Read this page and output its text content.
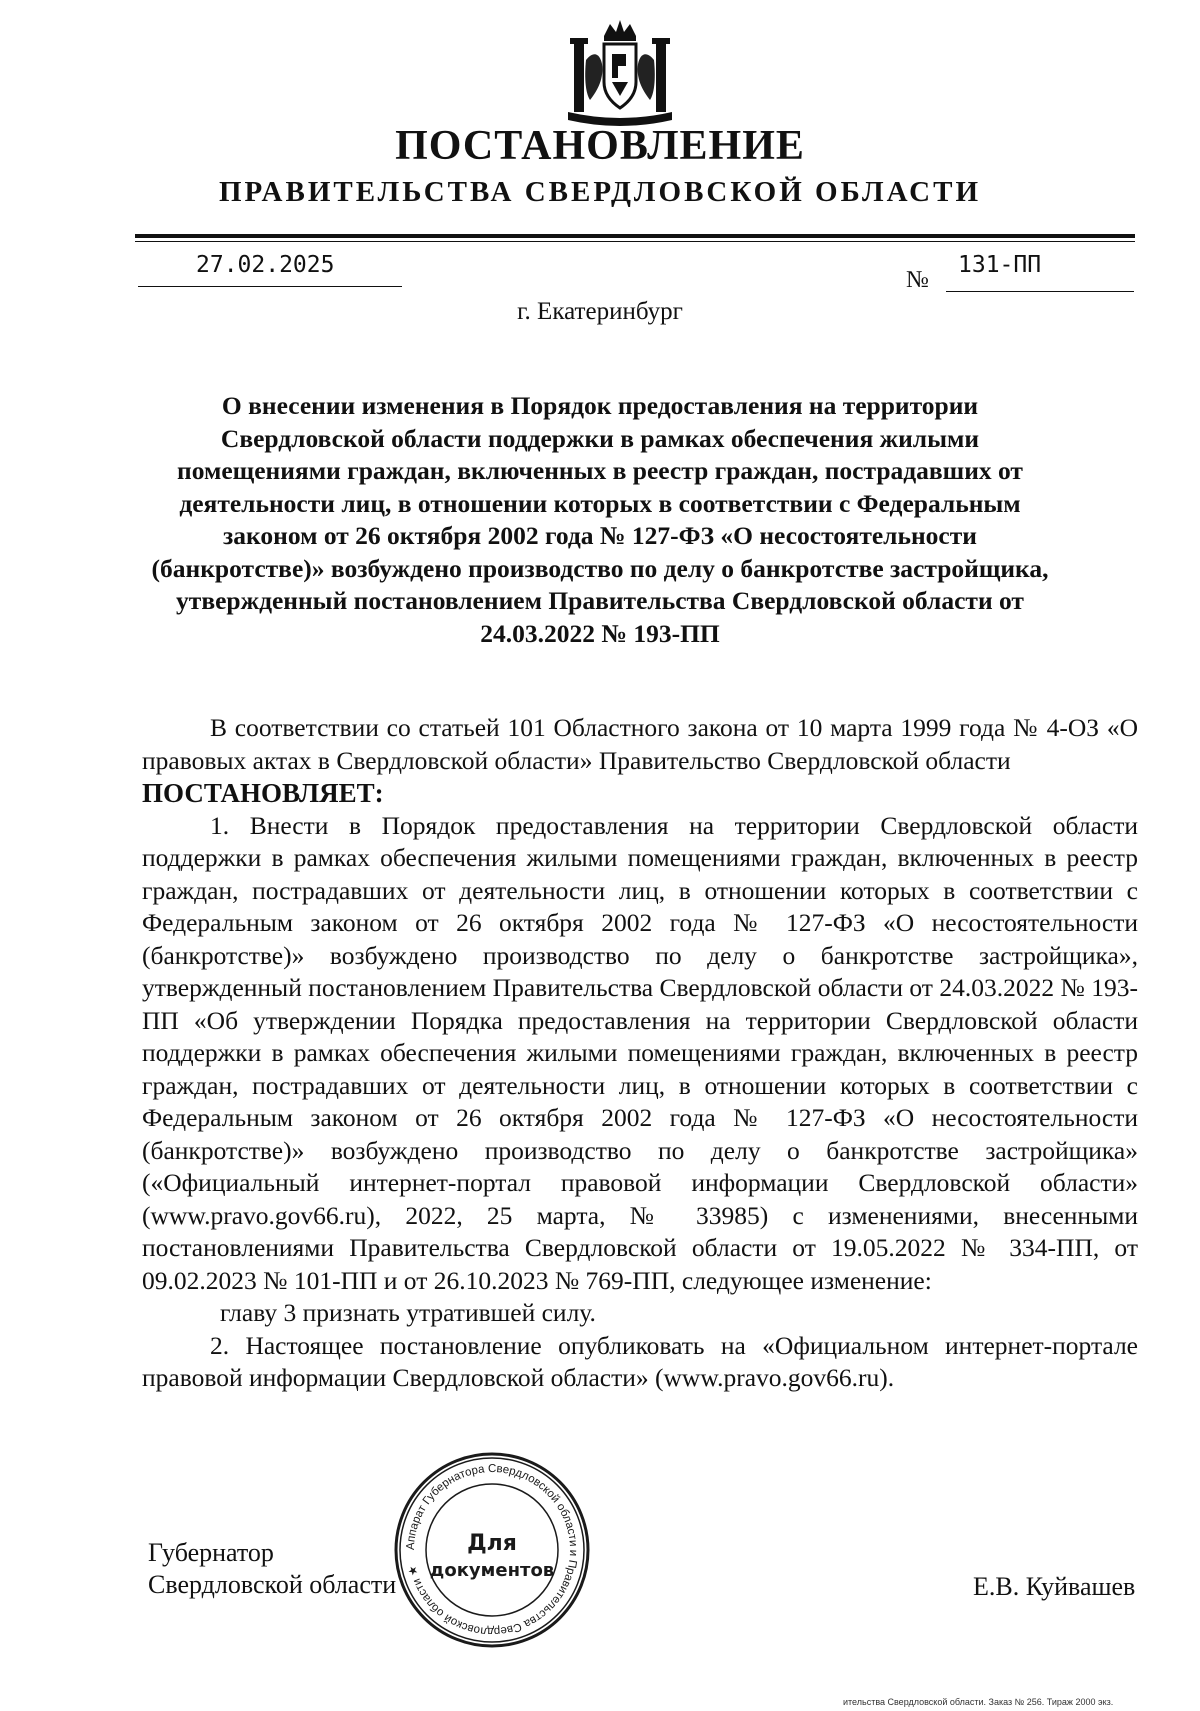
ПОСТАНОВЛЕНИЕ
ПРАВИТЕЛЬСТВА СВЕРДЛОВСКОЙ ОБЛАСТИ
27.02.2025
№
131-ПП
г. Екатеринбург
О внесении изменения в Порядок предоставления на территории Свердловской области поддержки в рамках обеспечения жилыми помещениями граждан, включенных в реестр граждан, пострадавших от деятельности лиц, в отношении которых в соответствии с Федеральным законом от 26 октября 2002 года № 127-ФЗ «О несостоятельности (банкротстве)» возбуждено производство по делу о банкротстве застройщика, утвержденный постановлением Правительства Свердловской области от 24.03.2022 № 193-ПП

В соответствии со статьей 101 Областного закона от 10 марта 1999 года № 4-ОЗ «О правовых актах в Свердловской области» Правительство Свердловской области

ПОСТАНОВЛЯЕТ:

1. Внести в Порядок предоставления на территории Свердловской области поддержки в рамках обеспечения жилыми помещениями граждан, включенных в реестр граждан, пострадавших от деятельности лиц, в отношении которых в соответствии с Федеральным законом от 26 октября 2002 года № 127-ФЗ «О несостоятельности (банкротстве)» возбуждено производство по делу о банкротстве застройщика», утвержденный постановлением Правительства Свердловской области от 24.03.2022 № 193-ПП «Об утверждении Порядка предоставления на территории Свердловской области поддержки в рамках обеспечения жилыми помещениями граждан, включенных в реестр граждан, пострадавших от деятельности лиц, в отношении которых в соответствии с Федеральным законом от 26 октября 2002 года № 127-ФЗ «О несостоятельности (банкротстве)» возбуждено производство по делу о банкротстве застройщика» («Официальный интернет-портал правовой информации Свердловской области» (www.pravo.gov66.ru), 2022, 25 марта, № 33985) с изменениями, внесенными постановлениями Правительства Свердловской области от 19.05.2022 № 334-ПП, от 09.02.2023 № 101-ПП и от 26.10.2023 № 769-ПП, следующее изменение:

главу 3 признать утратившей силу.

2. Настоящее постановление опубликовать на «Официальном интернет-портале правовой информации Свердловской области» (www.pravo.gov66.ru).

Губернатор
Свердловской области	Е.В. Куйвашев
Аппарат Губернатора Свердловской области и Правительства Свердловской области ★
Для
документов
ительства Свердловской области. Заказ № 256. Тираж 2000 экз.
